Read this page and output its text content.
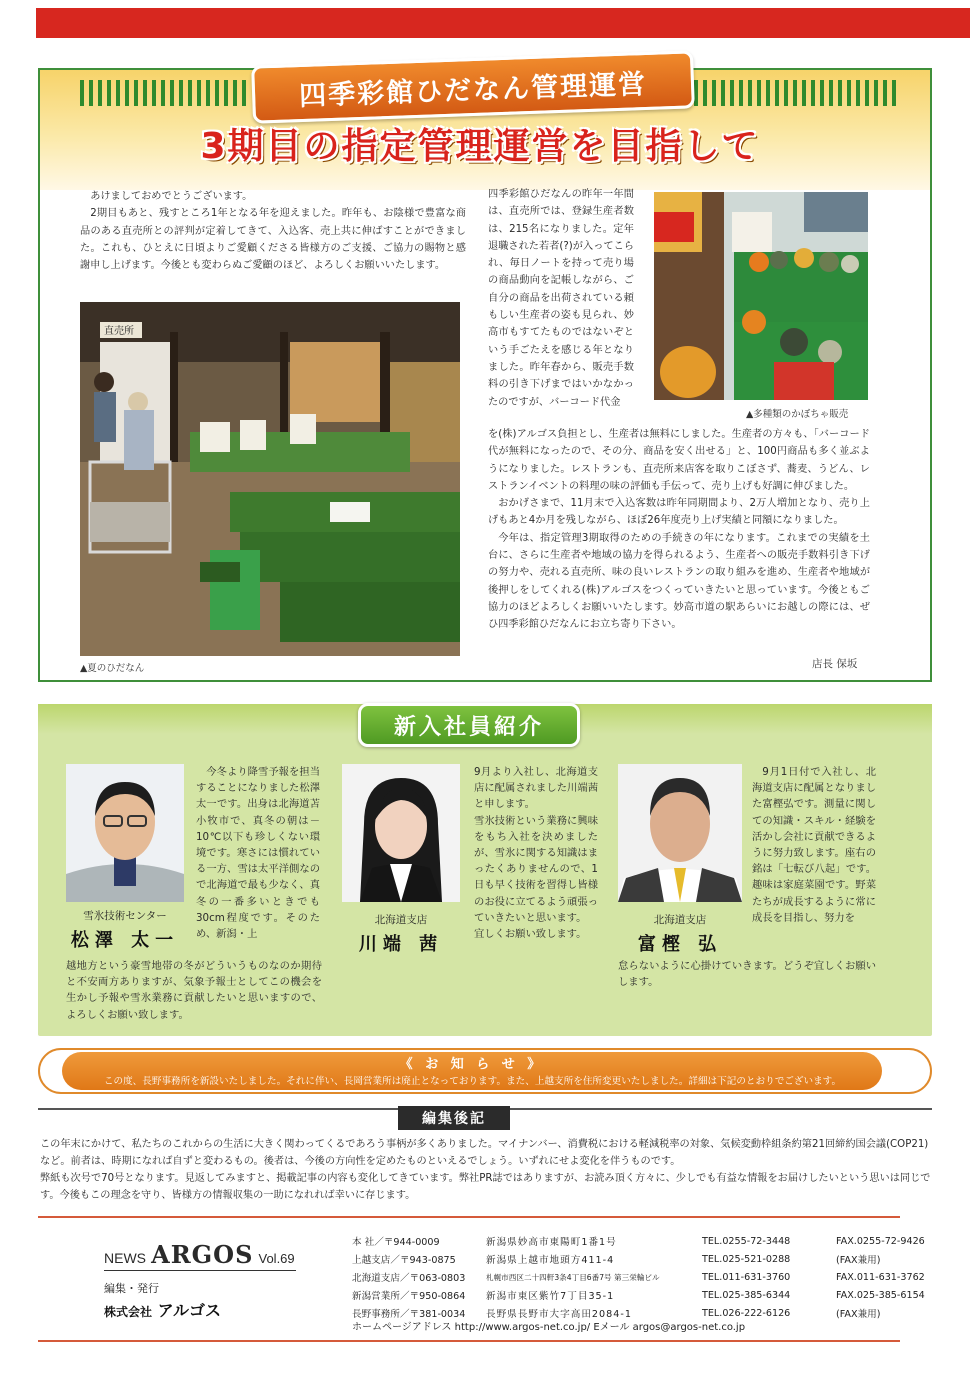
四季彩館ひだなん管理運営
3期目の指定管理運営を目指して
あけましておめでとうございます。
2期目もあと、残すところ1年となる年を迎えました。昨年も、お陰様で豊富な商品のある直売所との評判が定着してきて、入込客、売上共に伸ばすことができました。これも、ひとえに日頃よりご愛顧くださる皆様方のご支援、ご協力の賜物と感謝申し上げます。今後とも変わらぬご愛顧のほど、よろしくお願いいたします。
直売所
▲夏のひだなん
四季彩館ひだなんの昨年一年間は、直売所では、登録生産者数は、215名になりました。定年退職された若者(?)が入ってこられ、毎日ノートを持って売り場の商品動向を記帳しながら、ご自分の商品を出荷されている頼もしい生産者の姿も見られ、妙高市もすてたものではないぞという手ごたえを感じる年となりました。昨年春から、販売手数料の引き下げまではいかなかったのですが、バーコード代金
▲多種類のかぼちゃ販売
を(株)アルゴス負担とし、生産者は無料にしました。生産者の方々も、「バーコード代が無料になったので、その分、商品を安く出せる」と、100円商品も多く並ぶようになりました。レストランも、直売所来店客を取りこぼさず、蕎麦、うどん、レストランイベントの料理の味の評価も手伝って、売り上げも好調に伸びました。
おかげさまで、11月末で入込客数は昨年同期間より、2万人増加となり、売り上げもあと4か月を残しながら、ほぼ26年度売り上げ実績と同額になりました。
今年は、指定管理3期取得のための手続きの年になります。これまでの実績を土台に、さらに生産者や地域の協力を得られるよう、生産者への販売手数料引き下げの努力や、売れる直売所、味の良いレストランの取り組みを進め、生産者や地域が後押しをしてくれる(株)アルゴスをつくっていきたいと思っています。今後ともご協力のほどよろしくお願いいたします。妙高市道の駅あらいにお越しの際には、ぜひ四季彩館ひだなんにお立ち寄り下さい。
店長 保坂
新入社員紹介
雪氷技術センター
松澤 太一
今冬より降雪予報を担当することになりました松澤太一です。出身は北海道苫小牧市で、真冬の朝は－10℃以下も珍しくない環境です。寒さには慣れている一方、雪は太平洋側なので北海道で最も少なく、真冬の一番多いときでも30cm程度です。そのため、新潟・上
越地方という豪雪地帯の冬がどういうものなのか期待と不安両方ありますが、気象予報士としてこの機会を生かし予報や雪氷業務に貢献したいと思いますので、よろしくお願い致します。
北海道支店
川端 茜
9月より入社し、北海道支店に配属されました川端茜と申します。
雪氷技術という業務に興味をもち入社を決めましたが、雪氷に関する知識はまったくありませんので、1日も早く技術を習得し皆様のお役に立てるよう頑張っていきたいと思います。
宜しくお願い致します。
北海道支店
富樫 弘
9月1日付で入社し、北海道支店に配属となりました富樫弘です。測量に関しての知識・スキル・経験を活かし会社に貢献できるように努力致します。座右の銘は「七転び八起」です。趣味は家庭菜園です。野菜たちが成長するように常に成長を目指し、努力を
怠らないように心掛けていきます。どうぞ宜しくお願いします。
《 お 知 ら せ 》
この度、長野事務所を新設いたしました。それに伴い、長岡営業所は廃止となっております。また、上越支所を住所変更いたしました。詳細は下記のとおりでございます。
編集後記
この年末にかけて、私たちのこれからの生活に大きく関わってくるであろう事柄が多くありました。マイナンバー、消費税における軽減税率の対象、気候変動枠組条約第21回締約国会議(COP21)など。前者は、時期になれば自ずと変わるもの。後者は、今後の方向性を定めたものといえるでしょう。いずれにせよ変化を伴うものです。
弊紙も次号で70号となります。見返してみますと、掲載記事の内容も変化してきています。弊社PR誌ではありますが、お読み頂く方々に、少しでも有益な情報をお届けしたいという思いは同じです。今後もこの理念を守り、皆様方の情報収集の一助になれれば幸いに存じます。
NEWS ARGOS Vol.69
編集・発行
株式会社 アルゴス
本 社／〒944-0009	新潟県妙高市東陽町1番1号	TEL.0255-72-3448	FAX.0255-72-9426
上越支店／〒943-0875	新潟県上越市地頭方411-4	TEL.025-521-0288	(FAX兼用)
北海道支店／〒063-0803	札幌市西区二十四軒3条4丁目6番7号 第三栄輪ビル	TEL.011-631-3760	FAX.011-631-3762
新潟営業所／〒950-0864	新潟市東区紫竹7丁目35-1	TEL.025-385-6344	FAX.025-385-6154
長野事務所／〒381-0034	長野県長野市大字高田2084-1	TEL.026-222-6126	(FAX兼用)
ホームページアドレス http://www.argos-net.co.jp/ Eメール argos@argos-net.co.jp
